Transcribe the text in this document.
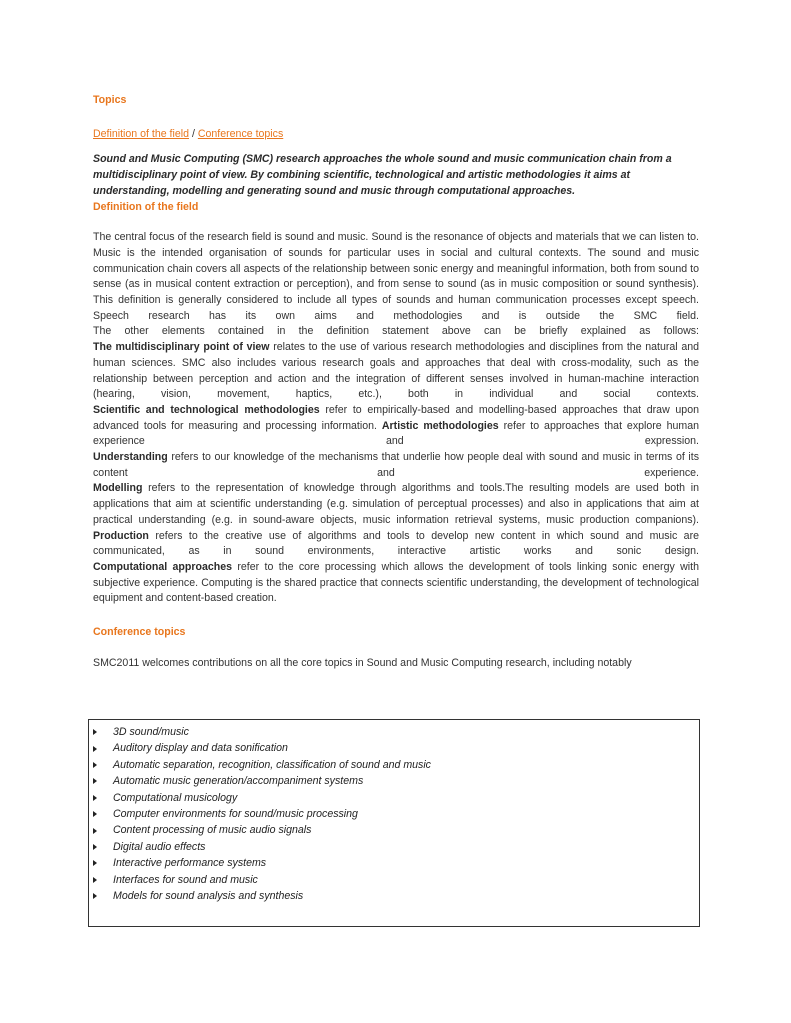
Topics
Definition of the field / Conference topics
Sound and Music Computing (SMC) research approaches the whole sound and music communication chain from a multidisciplinary point of view. By combining scientific, technological and artistic methodologies it aims at understanding, modelling and generating sound and music through computational approaches.
Definition of the field
The central focus of the research field is sound and music. Sound is the resonance of objects and materials that we can listen to. Music is the intended organisation of sounds for particular uses in social and cultural contexts. The sound and music communication chain covers all aspects of the relationship between sonic energy and meaningful information, both from sound to sense (as in musical content extraction or perception), and from sense to sound (as in music composition or sound synthesis). This definition is generally considered to include all types of sounds and human communication processes except speech. Speech research has its own aims and methodologies and is outside the SMC field.
The other elements contained in the definition statement above can be briefly explained as follows:
The multidisciplinary point of view relates to the use of various research methodologies and disciplines from the natural and human sciences. SMC also includes various research goals and approaches that deal with cross-modality, such as the relationship between perception and action and the integration of different senses involved in human-machine interaction (hearing, vision, movement, haptics, etc.), both in individual and social contexts.
Scientific and technological methodologies refer to empirically-based and modelling-based approaches that draw upon advanced tools for measuring and processing information. Artistic methodologies refer to approaches that explore human experience and expression.
Understanding refers to our knowledge of the mechanisms that underlie how people deal with sound and music in terms of its content and experience.
Modelling refers to the representation of knowledge through algorithms and tools.The resulting models are used both in applications that aim at scientific understanding (e.g. simulation of perceptual processes) and also in applications that aim at practical understanding (e.g. in sound-aware objects, music information retrieval systems, music production companions).
Production refers to the creative use of algorithms and tools to develop new content in which sound and music are communicated, as in sound environments, interactive artistic works and sonic design.
Computational approaches refer to the core processing which allows the development of tools linking sonic energy with subjective experience. Computing is the shared practice that connects scientific understanding, the development of technological equipment and content-based creation.
Conference topics
SMC2011 welcomes contributions on all the core topics in Sound and Music Computing research, including notably
3D sound/music
Auditory display and data sonification
Automatic separation, recognition, classification of sound and music
Automatic music generation/accompaniment systems
Computational musicology
Computer environments for sound/music processing
Content processing of music audio signals
Digital audio effects
Interactive performance systems
Interfaces for sound and music
Models for sound analysis and synthesis
